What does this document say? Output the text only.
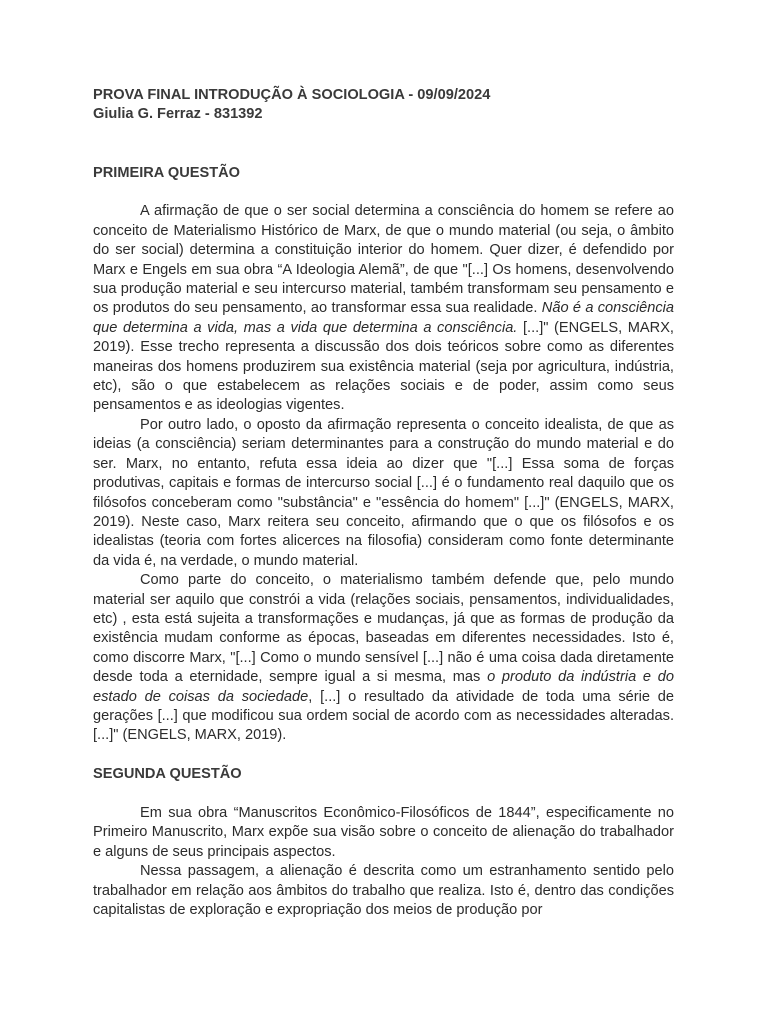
PROVA FINAL INTRODUÇÃO À SOCIOLOGIA - 09/09/2024

Giulia G. Ferraz - 831392

PRIMEIRA QUESTÃO

A afirmação de que o ser social determina a consciência do homem se refere ao conceito de Materialismo Histórico de Marx, de que o mundo material (ou seja, o âmbito do ser social) determina a constituição interior do homem. Quer dizer, é defendido por Marx e Engels em sua obra “A Ideologia Alemã”, de que "[...] Os homens, desenvolvendo sua produção material e seu intercurso material, também transformam seu pensamento e os produtos do seu pensamento, ao transformar essa sua realidade. Não é a consciência que determina a vida, mas a vida que determina a consciência. [...]" (ENGELS, MARX, 2019). Esse trecho representa a discussão dos dois teóricos sobre como as diferentes maneiras dos homens produzirem sua existência material (seja por agricultura, indústria, etc), são o que estabelecem as relações sociais e de poder, assim como seus pensamentos e as ideologias vigentes.

Por outro lado, o oposto da afirmação representa o conceito idealista, de que as ideias (a consciência) seriam determinantes para a construção do mundo material e do ser. Marx, no entanto, refuta essa ideia ao dizer que "[...] Essa soma de forças produtivas, capitais e formas de intercurso social [...] é o fundamento real daquilo que os filósofos conceberam como "substância" e "essência do homem" [...]" (ENGELS, MARX, 2019). Neste caso, Marx reiterа seu conceito, afirmando que o que os filósofos e os idealistas (teoria com fortes alicerces na filosofia) consideram como fonte determinante da vida é, na verdade, o mundo material.

Como parte do conceito, o materialismo também defende que, pelo mundo material ser aquilo que constrói a vida (relações sociais, pensamentos, individualidades, etc) , esta está sujeita a transformações e mudanças, já que as formas de produção da existência mudam conforme as épocas, baseadas em diferentes necessidades. Isto é, como discorre Marx, "[...] Como o mundo sensível [...] não é uma coisa dada diretamente desde toda a eternidade, sempre igual a si mesma, mas o produto da indústria e do estado de coisas da sociedade, [...] o resultado da atividade de toda uma série de gerações [...] que modificou sua ordem social de acordo com as necessidades alteradas. [...]" (ENGELS, MARX, 2019).

SEGUNDA QUESTÃO

Em sua obra “Manuscritos Econômico-Filosóficos de 1844”, especificamente no Primeiro Manuscrito, Marx expõe sua visão sobre o conceito de alienação do trabalhador e alguns de seus principais aspectos.

Nessa passagem, a alienação é descrita como um estranhamento sentido pelo trabalhador em relação aos âmbitos do trabalho que realiza. Isto é, dentro das condições capitalistas de exploração e expropriação dos meios de produção por
